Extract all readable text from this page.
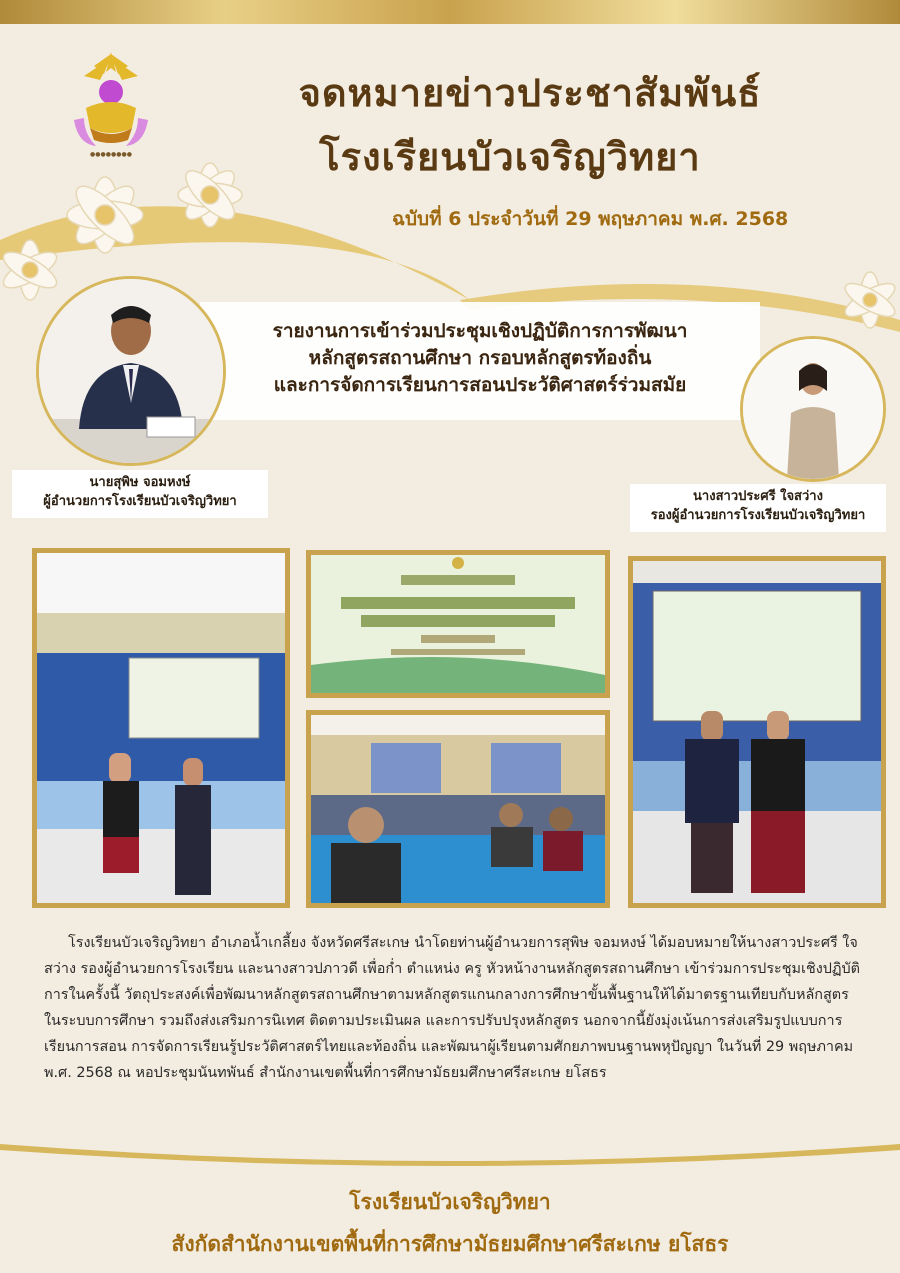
●●●●●●●●
จดหมายข่าวประชาสัมพันธ์
โรงเรียนบัวเจริญวิทยา
ฉบับที่ 6 ประจำวันที่ 29 พฤษภาคม พ.ศ. 2568
รายงานการเข้าร่วมประชุมเชิงปฏิบัติการการพัฒนา
หลักสูตรสถานศึกษา กรอบหลักสูตรท้องถิ่น
และการจัดการเรียนการสอนประวัติศาสตร์ร่วมสมัย
นายสุพิษ จอมหงษ์
ผู้อำนวยการโรงเรียนบัวเจริญวิทยา	นางสาวประศรี ใจสว่าง
รองผู้อำนวยการโรงเรียนบัวเจริญวิทยา
โรงเรียนบัวเจริญวิทยา อำเภอน้ำเกลี้ยง จังหวัดศรีสะเกษ นำโดยท่านผู้อำนวยการสุพิษ จอมหงษ์ ได้มอบหมายให้นางสาวประศรี ใจสว่าง รองผู้อำนวยการโรงเรียน และนางสาวปภาวดี เพื่อก่ำ ตำแหน่ง ครู หัวหน้างานหลักสูตรสถานศึกษา เข้าร่วมการประชุมเชิงปฏิบัติการในครั้งนี้ วัตถุประสงค์เพื่อพัฒนาหลักสูตรสถานศึกษาตามหลักสูตรแกนกลางการศึกษาขั้นพื้นฐานให้ได้มาตรฐานเทียบกับหลักสูตรในระบบการศึกษา รวมถึงส่งเสริมการนิเทศ ติดตามประเมินผล และการปรับปรุงหลักสูตร นอกจากนี้ยังมุ่งเน้นการส่งเสริมรูปแบบการเรียนการสอน การจัดการเรียนรู้ประวัติศาสตร์ไทยและท้องถิ่น และพัฒนาผู้เรียนตามศักยภาพบนฐานพหุปัญญา ในวันที่ 29 พฤษภาคม พ.ศ. 2568 ณ หอประชุมนันทพันธ์ สำนักงานเขตพื้นที่การศึกษามัธยมศึกษาศรีสะเกษ ยโสธร
โรงเรียนบัวเจริญวิทยา
สังกัดสำนักงานเขตพื้นที่การศึกษามัธยมศึกษาศรีสะเกษ ยโสธร
